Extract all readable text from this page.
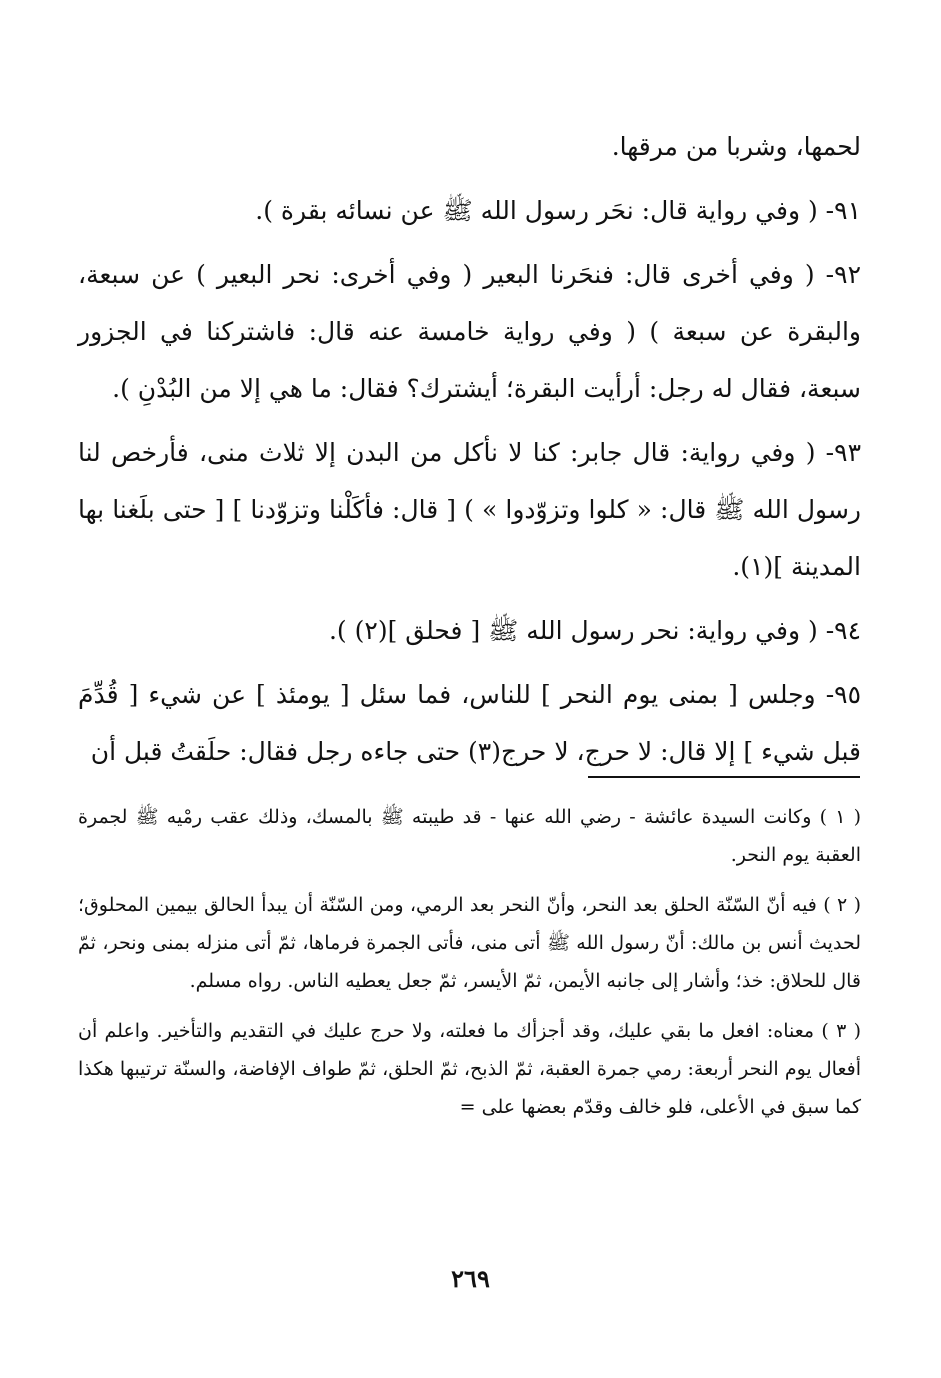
لحمها، وشربا من مرقها.

٩١- ( وفي رواية قال: نحَر رسول الله ﷺ عن نسائه بقرة ).

٩٢- ( وفي أخرى قال: فنحَرنا البعير ( وفي أخرى: نحر البعير ) عن سبعة، والبقرة عن سبعة ) ( وفي رواية خامسة عنه قال: فاشتركنا في الجزور سبعة، فقال له رجل: أرأيت البقرة؛ أيشترك؟ فقال: ما هي إلا من البُدْنِ ).

٩٣- ( وفي رواية: قال جابر: كنا لا نأكل من البدن إلا ثلاث منى، فأرخص لنا رسول الله ﷺ قال: « كلوا وتزوّدوا » ) [ قال: فأكَلْنا وتزوّدنا ] [ حتى بلَغنا بها المدينة ](١).

٩٤- ( وفي رواية: نحر رسول الله ﷺ [ فحلق ](٢) ).

٩٥- وجلس [ بمنى يوم النحر ] للناس، فما سئل [ يومئذ ] عن شيء [ قُدِّمَ قبل شيء ] إلا قال: لا حرج، لا حرج(٣) حتى جاءه رجل فقال: حلَقتُ قبل أن

( ١ ) وكانت السيدة عائشة - رضي الله عنها - قد طيبته ﷺ بالمسك، وذلك عقب رمْيه ﷺ لجمرة العقبة يوم النحر.

( ٢ ) فيه أنّ السّنّة الحلق بعد النحر، وأنّ النحر بعد الرمي، ومن السّنّة أن يبدأ الحالق بيمين المحلوق؛ لحديث أنس بن مالك: أنّ رسول الله ﷺ أتى منى، فأتى الجمرة فرماها، ثمّ أتى منزله بمنى ونحر، ثمّ قال للحلاق: خذ؛ وأشار إلى جانبه الأيمن، ثمّ الأيسر، ثمّ جعل يعطيه الناس. رواه مسلم.

( ٣ ) معناه: افعل ما بقي عليك، وقد أجزأك ما فعلته، ولا حرج عليك في التقديم والتأخير. واعلم أن أفعال يوم النحر أربعة: رمي جمرة العقبة، ثمّ الذبح، ثمّ الحلق، ثمّ طواف الإفاضة، والسنّة ترتيبها هكذا كما سبق في الأعلى، فلو خالف وقدّم بعضها على =

٢٦٩
